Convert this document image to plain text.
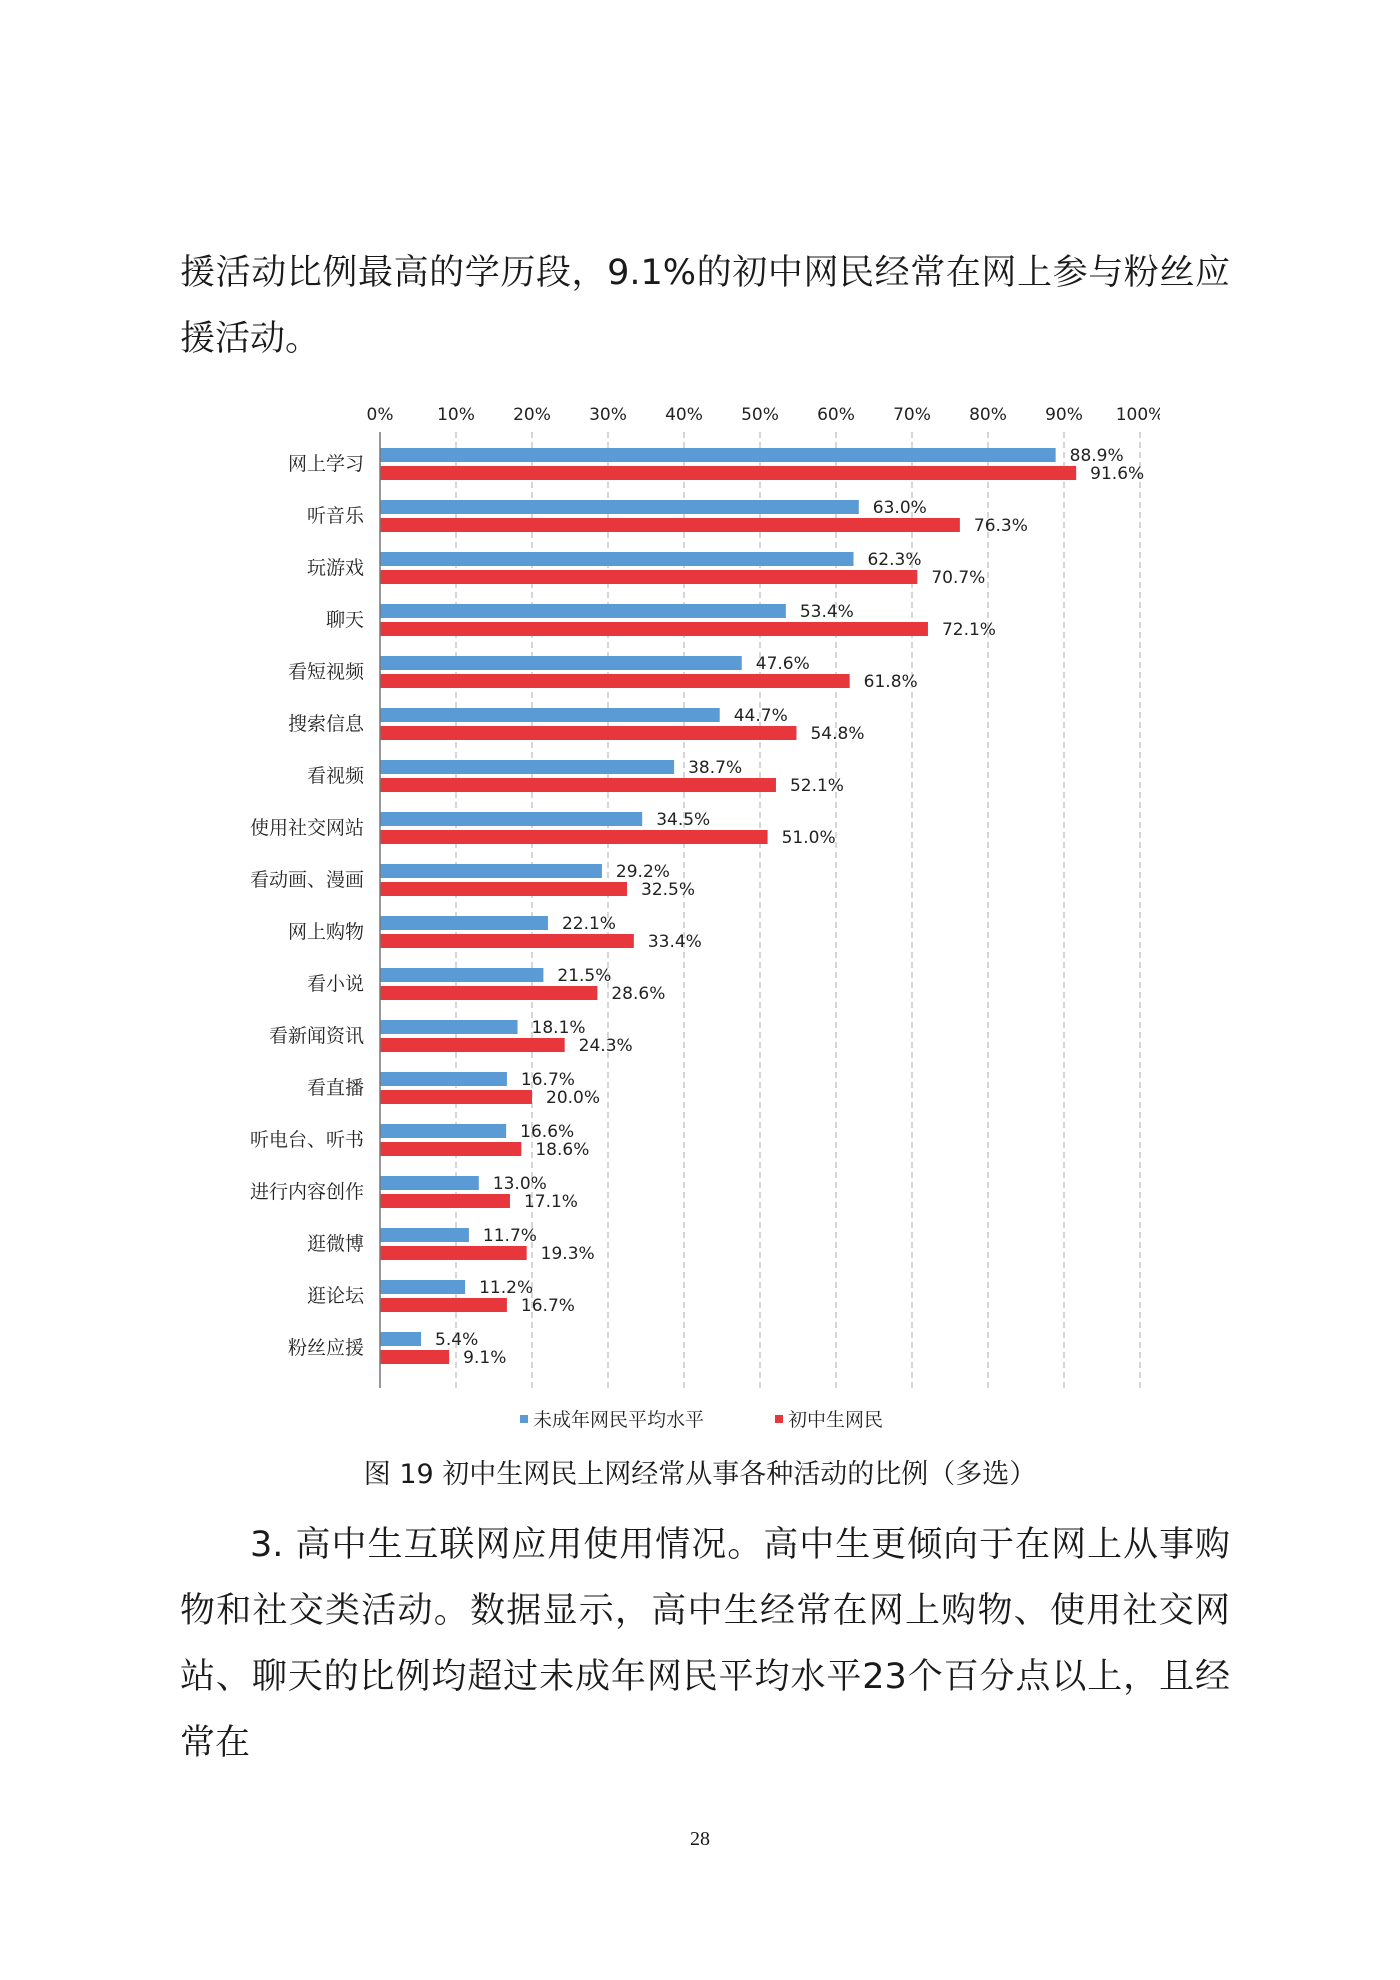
援活动比例最高的学历段，9.1%的初中网民经常在网上参与粉丝应援活动。

0%	10% 20% 30% 40% 50% 60% 70% 80% 90% 100%
88.9%
91.6%
63.0%
76.3%
62.3%
70.7%
53.4%
72.1%
47.6%
61.8%
44.7%
54.8%
38.7%
52.1%
34.5%
51.0%
29.2%
32.5%
22.1%
33.4%
21.5%
28.6%
18.1%
24.3%
16.7%
20.0%
16.6%
18.6%
13.0%
17.1%
11.7%
19.3%
11.2%
16.7%
5.4%
9.1%
网上学习
听音乐
玩游戏
聊天
看短视频
搜索信息
看视频
使用社交网站
看动画、漫画
网上购物
看小说
看新闻资讯
看直播
听电台、听书
进行内容创作
逛微博
逛论坛
粉丝应援
未成年网民平均水平	初中生网民

图 19 初中生网民上网经常从事各种活动的比例（多选）

3. 高中生互联网应用使用情况。高中生更倾向于在网上从事购物和社交类活动。数据显示，高中生经常在网上购物、使用社交网站、聊天的比例均超过未成年网民平均水平23个百分点以上，且经常在

28
